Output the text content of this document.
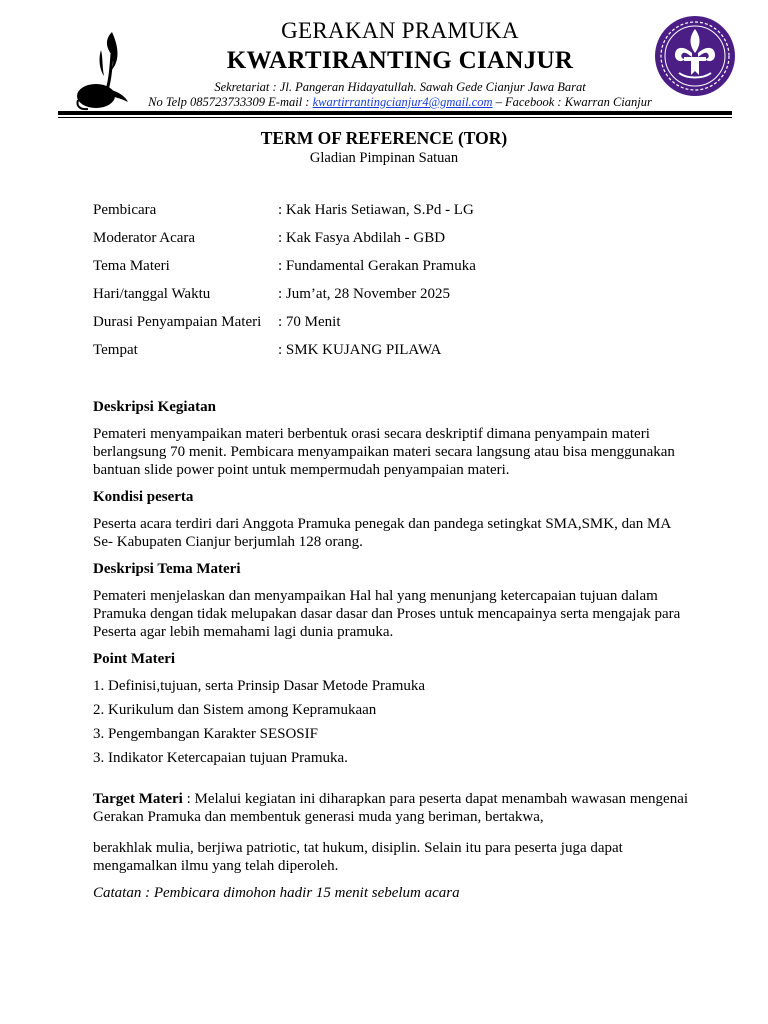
GERAKAN PRAMUKA
KWARTIRANTING CIANJUR
Sekretariat : Jl. Pangeran Hidayatullah. Sawah Gede Cianjur Jawa Barat
No Telp 085723733309 E-mail : kwartirrantingcianjur4@gmail.com – Facebook : Kwarran Cianjur
TERM OF REFERENCE (TOR)
Gladian Pimpinan Satuan
Pembicara	: Kak Haris Setiawan, S.Pd - LG
Moderator Acara	: Kak Fasya Abdilah - GBD
Tema Materi	: Fundamental Gerakan Pramuka
Hari/tanggal Waktu	: Jum’at, 28 November 2025
Durasi Penyampaian Materi	: 70 Menit
Tempat	: SMK KUJANG PILAWA
Deskripsi Kegiatan

Pemateri menyampaikan materi berbentuk orasi secara deskriptif dimana penyampain materi berlangsung 70 menit. Pembicara menyampaikan materi secara langsung atau bisa menggunakan bantuan slide power point untuk mempermudah penyampaian materi.

Kondisi peserta

Peserta acara terdiri dari Anggota Pramuka penegak dan pandega setingkat SMA,SMK, dan MA Se- Kabupaten Cianjur berjumlah 128 orang.

Deskripsi Tema Materi

Pemateri menjelaskan dan menyampaikan Hal hal yang menunjang ketercapaian tujuan dalam Pramuka dengan tidak melupakan dasar dasar dan Proses untuk mencapainya serta mengajak para Peserta agar lebih memahami lagi dunia pramuka.

Point Materi
1. Definisi,tujuan, serta Prinsip Dasar Metode Pramuka
2. Kurikulum dan Sistem among Kepramukaan
3. Pengembangan Karakter SESOSIF
3. Indikator Ketercapaian tujuan Pramuka.

Target Materi : Melalui kegiatan ini diharapkan para peserta dapat menambah wawasan mengenai Gerakan Pramuka dan membentuk generasi muda yang beriman, bertakwa,

berakhlak mulia, berjiwa patriotic, tat hukum, disiplin. Selain itu para peserta juga dapat mengamalkan ilmu yang telah diperoleh.

Catatan : Pembicara dimohon hadir 15 menit sebelum acara
